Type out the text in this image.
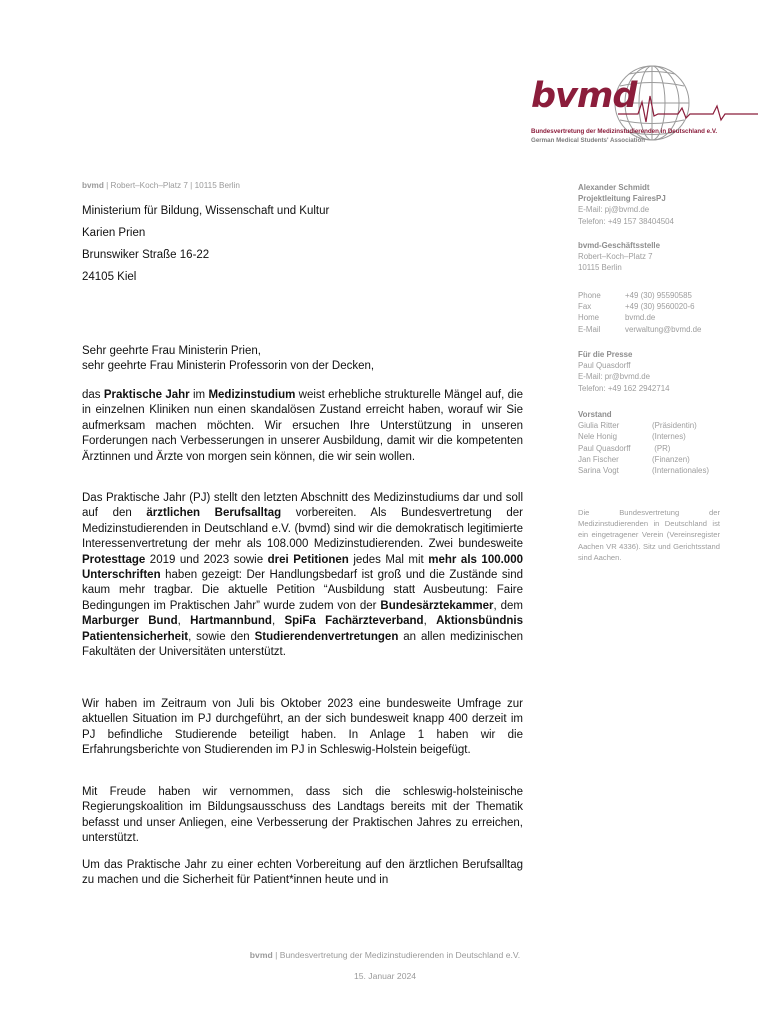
bvmd
Bundesvertretung der Medizinstudierenden in Deutschland e.V.
German Medical Students' Association
bvmd | Robert–Koch–Platz 7 | 10115 Berlin
Ministerium für Bildung, Wissenschaft und Kultur
Karien Prien
Brunswiker Straße 16-22
24105 Kiel
Sehr geehrte Frau Ministerin Prien,
sehr geehrte Frau Ministerin Professorin von der Decken,
das Praktische Jahr im Medizinstudium weist erhebliche strukturelle Mängel auf, die in einzelnen Kliniken nun einen skandalösen Zustand erreicht haben, worauf wir Sie aufmerksam machen möchten. Wir ersuchen Ihre Unterstützung in unseren Forderungen nach Verbesserungen in unserer Ausbildung, damit wir die kompetenten Ärztinnen und Ärzte von morgen sein können, die wir sein wollen.
Das Praktische Jahr (PJ) stellt den letzten Abschnitt des Medizinstudiums dar und soll auf den ärztlichen Berufsalltag vorbereiten. Als Bundesvertretung der Medizinstudierenden in Deutschland e.V. (bvmd) sind wir die demokratisch legitimierte Interessenvertretung der mehr als 108.000 Medizinstudierenden. Zwei bundesweite Protesttage 2019 und 2023 sowie drei Petitionen jedes Mal mit mehr als 100.000 Unterschriften haben gezeigt: Der Handlungsbedarf ist groß und die Zustände sind kaum mehr tragbar. Die aktuelle Petition “Ausbildung statt Ausbeutung: Faire Bedingungen im Praktischen Jahr” wurde zudem von der Bundesärztekammer, dem Marburger Bund, Hartmannbund, SpiFa Fachärzteverband, Aktionsbündnis Patientensicherheit, sowie den Studierendenvertretungen an allen medizinischen Fakultäten der Universitäten unterstützt.
Wir haben im Zeitraum von Juli bis Oktober 2023 eine bundesweite Umfrage zur aktuellen Situation im PJ durchgeführt, an der sich bundesweit knapp 400 derzeit im PJ befindliche Studierende beteiligt haben. In Anlage 1 haben wir die Erfahrungsberichte von Studierenden im PJ in Schleswig-Holstein beigefügt.
Mit Freude haben wir vernommen, dass sich die schleswig-holsteinische Regierungskoalition im Bildungsausschuss des Landtags bereits mit der Thematik befasst und unser Anliegen, eine Verbesserung der Praktischen Jahres zu erreichen, unterstützt.
Um das Praktische Jahr zu einer echten Vorbereitung auf den ärztlichen Berufsalltag zu machen und die Sicherheit für Patient*innen heute und in
Alexander Schmidt
Projektleitung FairesPJ
E-Mail: pj@bvmd.de
Telefon: +49 157 38404504
bvmd-Geschäftsstelle
Robert–Koch–Platz 7
10115 Berlin
Phone	+49 (30) 95590585
Fax	+49 (30) 9560020-6
Home	bvmd.de
E-Mail	verwaltung@bvmd.de
Für die Presse
Paul Quasdorff
E-Mail: pr@bvmd.de
Telefon: +49 162 2942714
Vorstand
Giulia Ritter	(Präsidentin)
Nele Honig	(Internes)
Paul Quasdorff	(PR)
Jan Fischer	(Finanzen)
Sarina Vogt	(Internationales)
Die Bundesvertretung der Medizinstudierenden in Deutschland ist ein eingetragener Verein (Vereinsregister Aachen VR 4336). Sitz und Gerichtsstand sind Aachen.
bvmd | Bundesvertretung der Medizinstudierenden in Deutschland e.V.
15. Januar 2024
